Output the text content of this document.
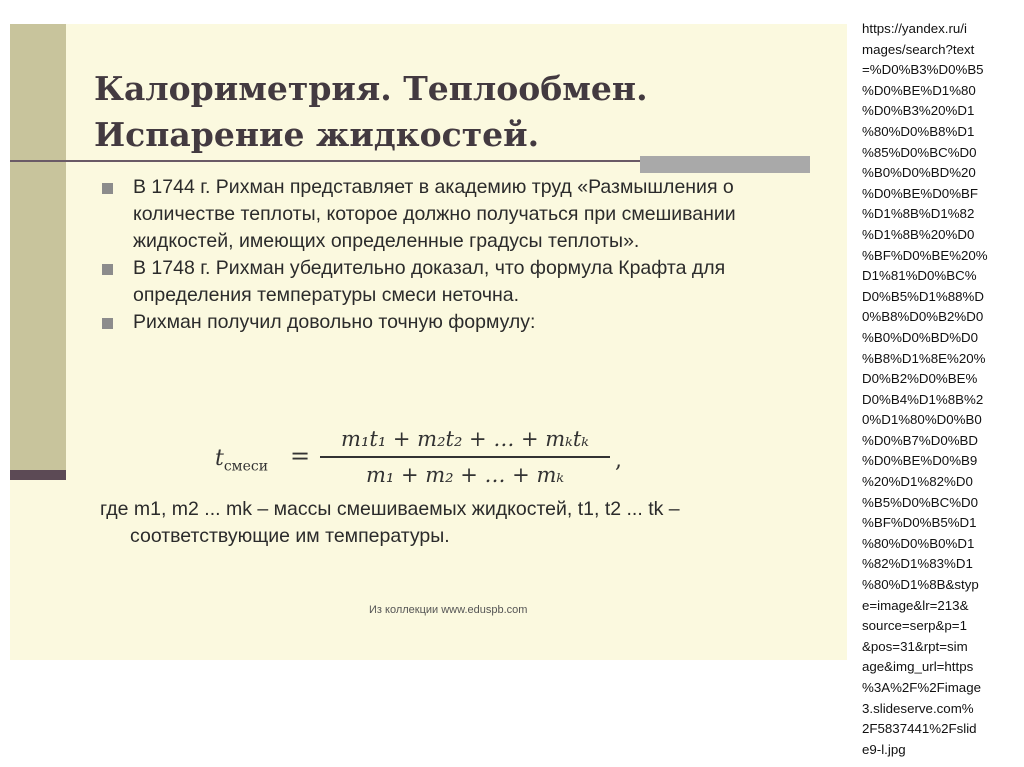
Калориметрия. Теплообмен.
Испарение жидкостей.
В 1744 г. Рихман представляет в академию труд «Размышления о количестве теплоты, которое должно получаться при смешивании жидкостей, имеющих определенные градусы теплоты».
В 1748 г. Рихман убедительно доказал, что формула Крафта для определения температуры смеси неточна.
Рихман получил довольно точную формулу:
$t_{смеси}$ =
m₁t₁ + m₂t₂ + … + mₖtₖ
m₁ + m₂ + … + mₖ
,

где m1, m2 ... mk – массы смешиваемых жидкостей, t1, t2 ... tk – соответствующие им температуры.

Из коллекции www.eduspb.com
https://yandex.ru/i
mages/search?text
=%D0%B3%D0%B5
%D0%BE%D1%80
%D0%B3%20%D1
%80%D0%B8%D1
%85%D0%BC%D0
%B0%D0%BD%20
%D0%BE%D0%BF
%D1%8B%D1%82
%D1%8B%20%D0
%BF%D0%BE%20%
D1%81%D0%BC%
D0%B5%D1%88%D
0%B8%D0%B2%D0
%B0%D0%BD%D0
%B8%D1%8E%20%
D0%B2%D0%BE%
D0%B4%D1%8B%2
0%D1%80%D0%B0
%D0%B7%D0%BD
%D0%BE%D0%B9
%20%D1%82%D0
%B5%D0%BC%D0
%BF%D0%B5%D1
%80%D0%B0%D1
%82%D1%83%D1
%80%D1%8B&styp
e=image&lr=213&
source=serp&p=1
&pos=31&rpt=sim
age&img_url=https
%3A%2F%2Fimage
3.slideserve.com%
2F5837441%2Fslid
e9-l.jpg
